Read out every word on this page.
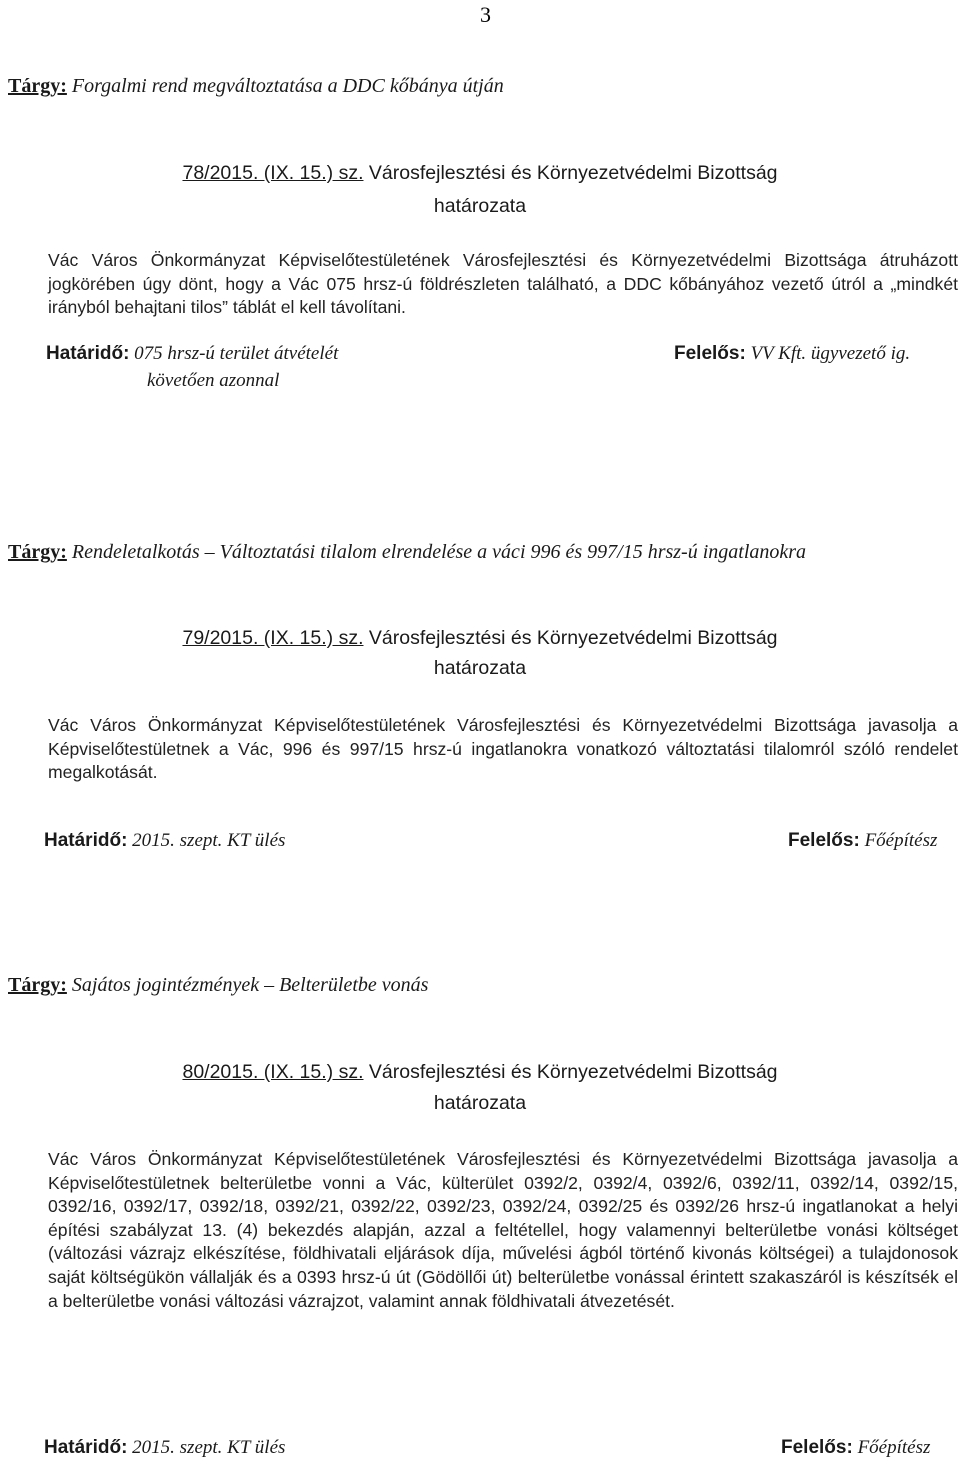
3
Tárgy: Forgalmi rend megváltoztatása a DDC kőbánya útján
78/2015. (IX. 15.) sz. Városfejlesztési és Környezetvédelmi Bizottság
határozata
Vác Város Önkormányzat Képviselőtestületének Városfejlesztési és Környezetvédelmi Bizottsága átruházott jogkörében úgy dönt, hogy a Vác 075 hrsz-ú földrészleten található, a DDC kőbányához vezető útról a „mindkét irányból behajtani tilos” táblát el kell távolítani.
Határidő: 075 hrsz-ú terület átvételét
követően azonnal
Felelős: VV Kft. ügyvezető ig.
Tárgy: Rendeletalkotás – Változtatási tilalom elrendelése a váci 996 és 997/15 hrsz-ú ingatlanokra
79/2015. (IX. 15.) sz. Városfejlesztési és Környezetvédelmi Bizottság
határozata
Vác Város Önkormányzat Képviselőtestületének Városfejlesztési és Környezetvédelmi Bizottsága javasolja a Képviselőtestületnek a Vác, 996 és 997/15 hrsz-ú ingatlanokra vonatkozó változtatási tilalomról szóló rendelet megalkotását.
Határidő: 2015. szept. KT ülés	Felelős: Főépítész
Tárgy: Sajátos jogintézmények – Belterületbe vonás
80/2015. (IX. 15.) sz. Városfejlesztési és Környezetvédelmi Bizottság
határozata
Vác Város Önkormányzat Képviselőtestületének Városfejlesztési és Környezetvédelmi Bizottsága javasolja a Képviselőtestületnek belterületbe vonni a Vác, külterület 0392/2, 0392/4, 0392/6, 0392/11, 0392/14, 0392/15, 0392/16, 0392/17, 0392/18, 0392/21, 0392/22, 0392/23, 0392/24, 0392/25 és 0392/26 hrsz-ú ingatlanokat a helyi építési szabályzat 13. (4) bekezdés alapján, azzal a feltétellel, hogy valamennyi belterületbe vonási költséget (változási vázrajz elkészítése, földhivatali eljárások díja, művelési ágból történő kivonás költségei) a tulajdonosok saját költségükön vállalják és a 0393 hrsz-ú út (Gödöllői út) belterületbe vonással érintett szakaszáról is készítsék el a belterületbe vonási változási vázrajzot, valamint annak földhivatali átvezetését.
Határidő: 2015. szept. KT ülés	Felelős: Főépítész
